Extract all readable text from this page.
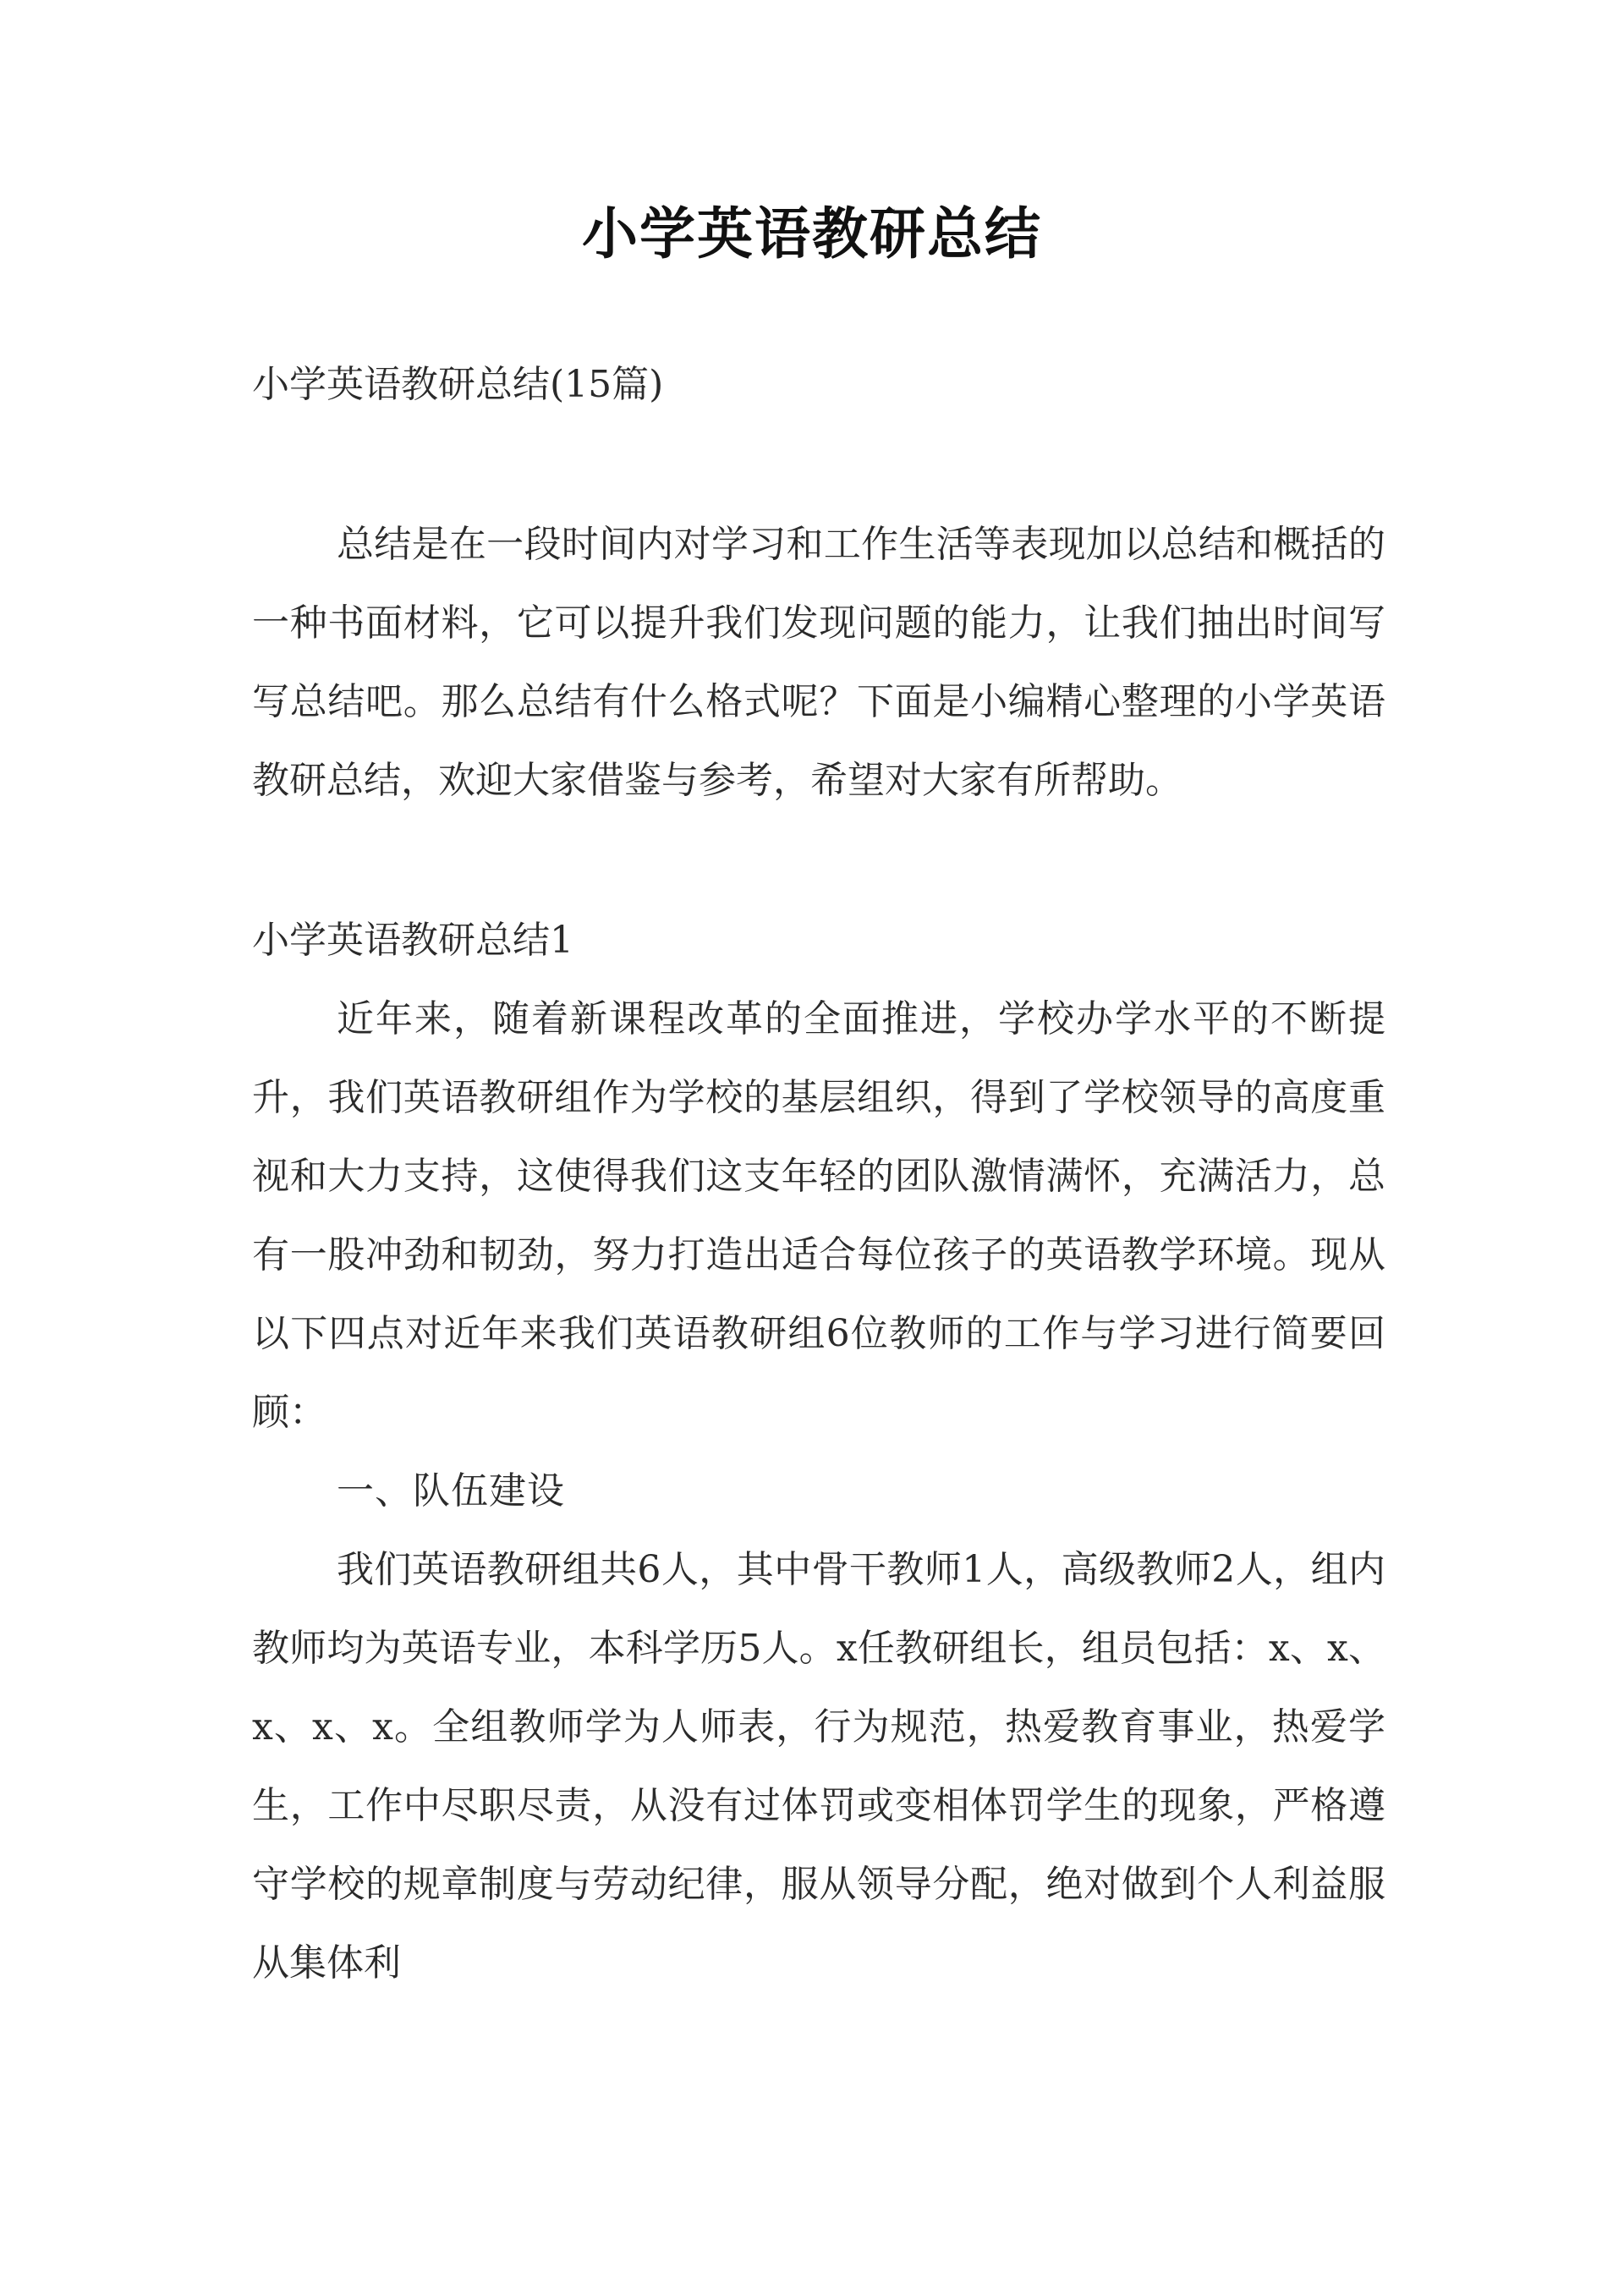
小学英语教研总结

小学英语教研总结(15篇)

总结是在一段时间内对学习和工作生活等表现加以总结和概括的一种书面材料，它可以提升我们发现问题的能力，让我们抽出时间写写总结吧。那么总结有什么格式呢？下面是小编精心整理的小学英语教研总结，欢迎大家借鉴与参考，希望对大家有所帮助。

小学英语教研总结1

近年来，随着新课程改革的全面推进，学校办学水平的不断提升，我们英语教研组作为学校的基层组织，得到了学校领导的高度重视和大力支持，这使得我们这支年轻的团队激情满怀，充满活力，总有一股冲劲和韧劲，努力打造出适合每位孩子的英语教学环境。现从以下四点对近年来我们英语教研组6位教师的工作与学习进行简要回顾：

一、队伍建设

我们英语教研组共6人，其中骨干教师1人，高级教师2人，组内教师均为英语专业，本科学历5人。x任教研组长，组员包括：x、x、x、x、x。全组教师学为人师表，行为规范，热爱教育事业，热爱学生，工作中尽职尽责，从没有过体罚或变相体罚学生的现象，严格遵守学校的规章制度与劳动纪律，服从领导分配，绝对做到个人利益服从集体利
